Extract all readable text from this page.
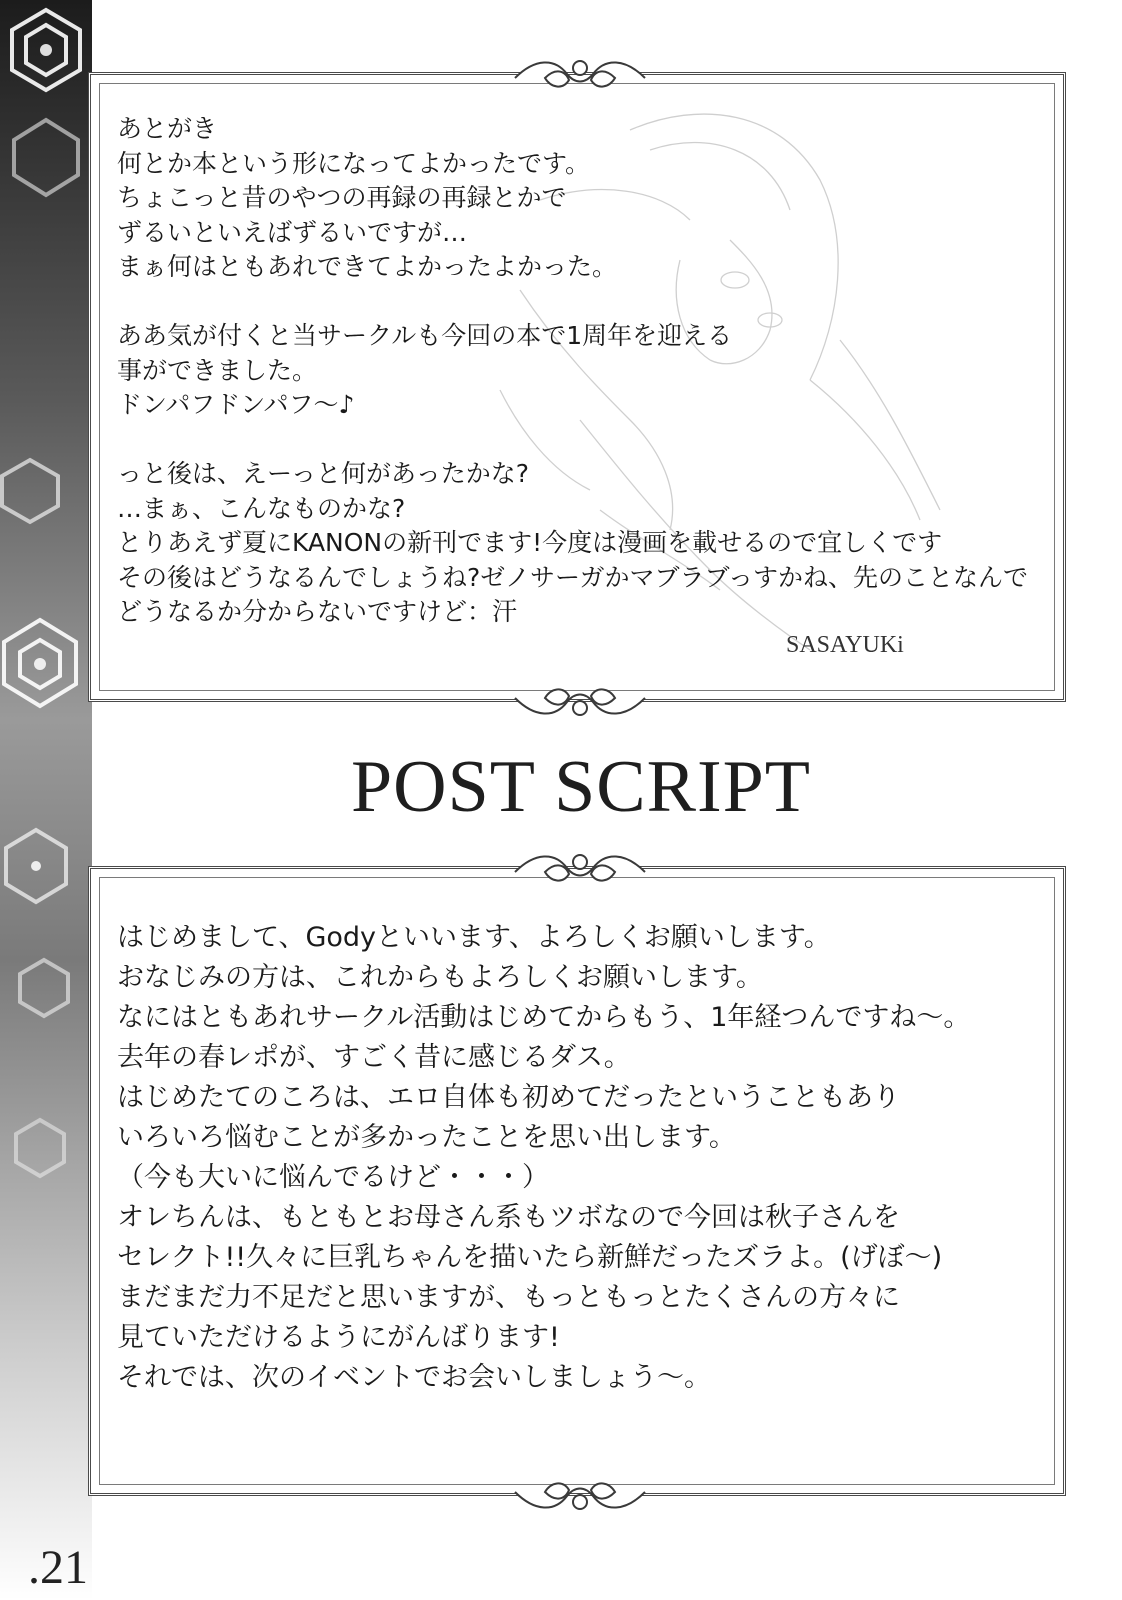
あとがき
何とか本という形になってよかったです。
ちょこっと昔のやつの再録の再録とかで
ずるいといえばずるいですが…
まぁ何はともあれできてよかったよかった。
ああ気が付くと当サークルも今回の本で1周年を迎える
事ができました。
ドンパフドンパフ～♪
っと後は、えーっと何があったかな?
…まぁ、こんなものかな?
とりあえず夏にKANONの新刊でます!今度は漫画を載せるので宜しくです
その後はどうなるんでしょうね?ゼノサーガかマブラブっすかね、先のことなんで
どうなるか分からないですけど：汗
SASAYUKi
POST SCRIPT
はじめまして、Godyといいます、よろしくお願いします。
おなじみの方は、これからもよろしくお願いします。
なにはともあれサークル活動はじめてからもう、1年経つんですね～。
去年の春レポが、すごく昔に感じるダス。
はじめたてのころは、エロ自体も初めてだったということもあり
いろいろ悩むことが多かったことを思い出します。
（今も大いに悩んでるけど・・・）
オレちんは、もともとお母さん系もツボなので今回は秋子さんを
セレクト!!久々に巨乳ちゃんを描いたら新鮮だったズラよ。(げぼ～)
まだまだ力不足だと思いますが、もっともっとたくさんの方々に
見ていただけるようにがんばります!
それでは、次のイベントでお会いしましょう～。
.21
